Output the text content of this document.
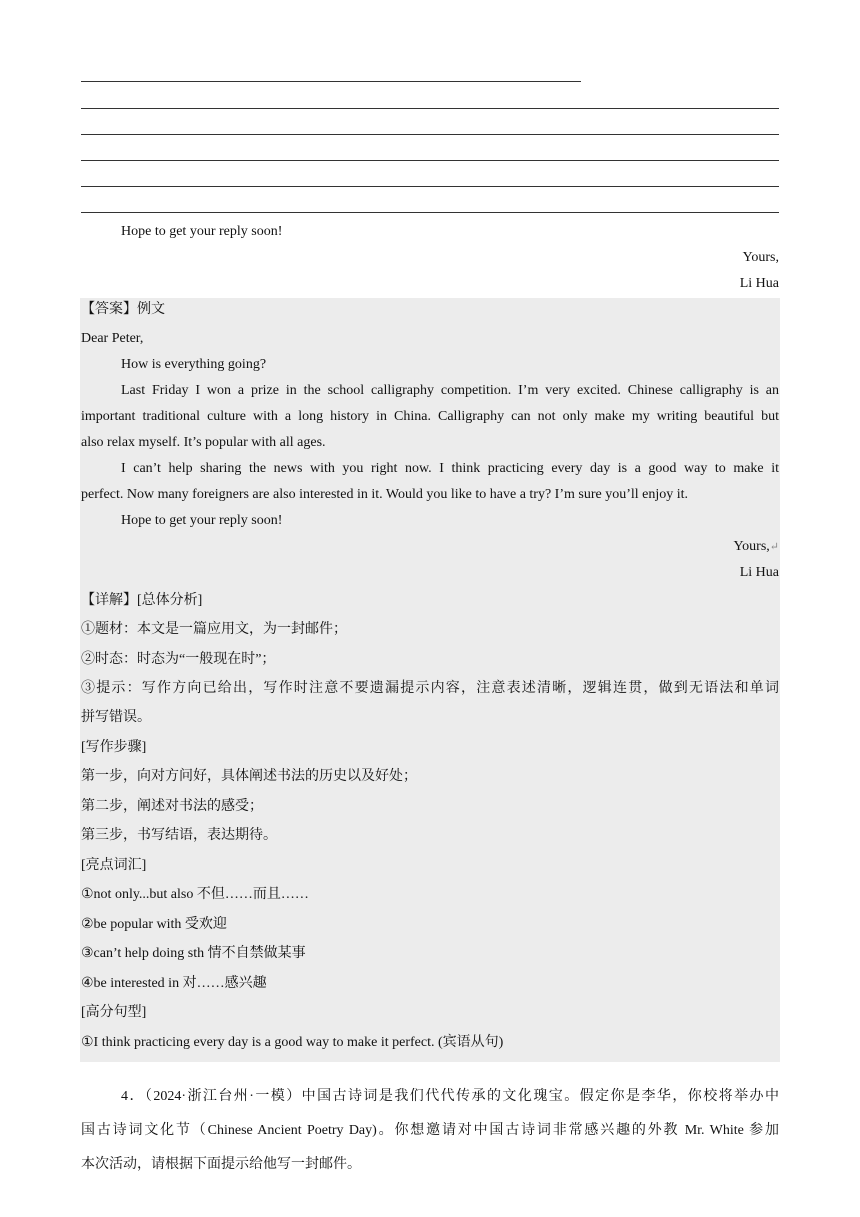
Hope to get your reply soon!
Yours,
Li Hua
【答案】例文
Dear Peter,
How is everything going?
Last Friday I won a prize in the school calligraphy competition. I’m very excited. Chinese calligraphy is an
important traditional culture with a long history in China. Calligraphy can not only make my writing beautiful but
also relax myself. It’s popular with all ages.
I can’t help sharing the news with you right now. I think practicing every day is a good way to make it
perfect. Now many foreigners are also interested in it. Would you like to have a try? I’m sure you’ll enjoy it.
Hope to get your reply soon!
Yours,↵
Li Hua
【详解】[总体分析]
①题材：本文是一篇应用文，为一封邮件；
②时态：时态为“一般现在时”；
③提示：写作方向已给出，写作时注意不要遗漏提示内容，注意表述清晰，逻辑连贯，做到无语法和单词
拼写错误。
[写作步骤]
第一步，向对方问好，具体阐述书法的历史以及好处；
第二步，阐述对书法的感受；
第三步，书写结语，表达期待。
[亮点词汇]
①not only...but also 不但……而且……
②be popular with 受欢迎
③can’t help doing sth 情不自禁做某事
④be interested in 对……感兴趣
[高分句型]
①I think practicing every day is a good way to make it perfect. (宾语从句)
4．（2024·浙江台州·一模）中国古诗词是我们代代传承的文化瑰宝。假定你是李华，你校将举办中
国古诗词文化节（Chinese Ancient Poetry Day)。你想邀请对中国古诗词非常感兴趣的外教 Mr. White 参加
本次活动，请根据下面提示给他写一封邮件。
